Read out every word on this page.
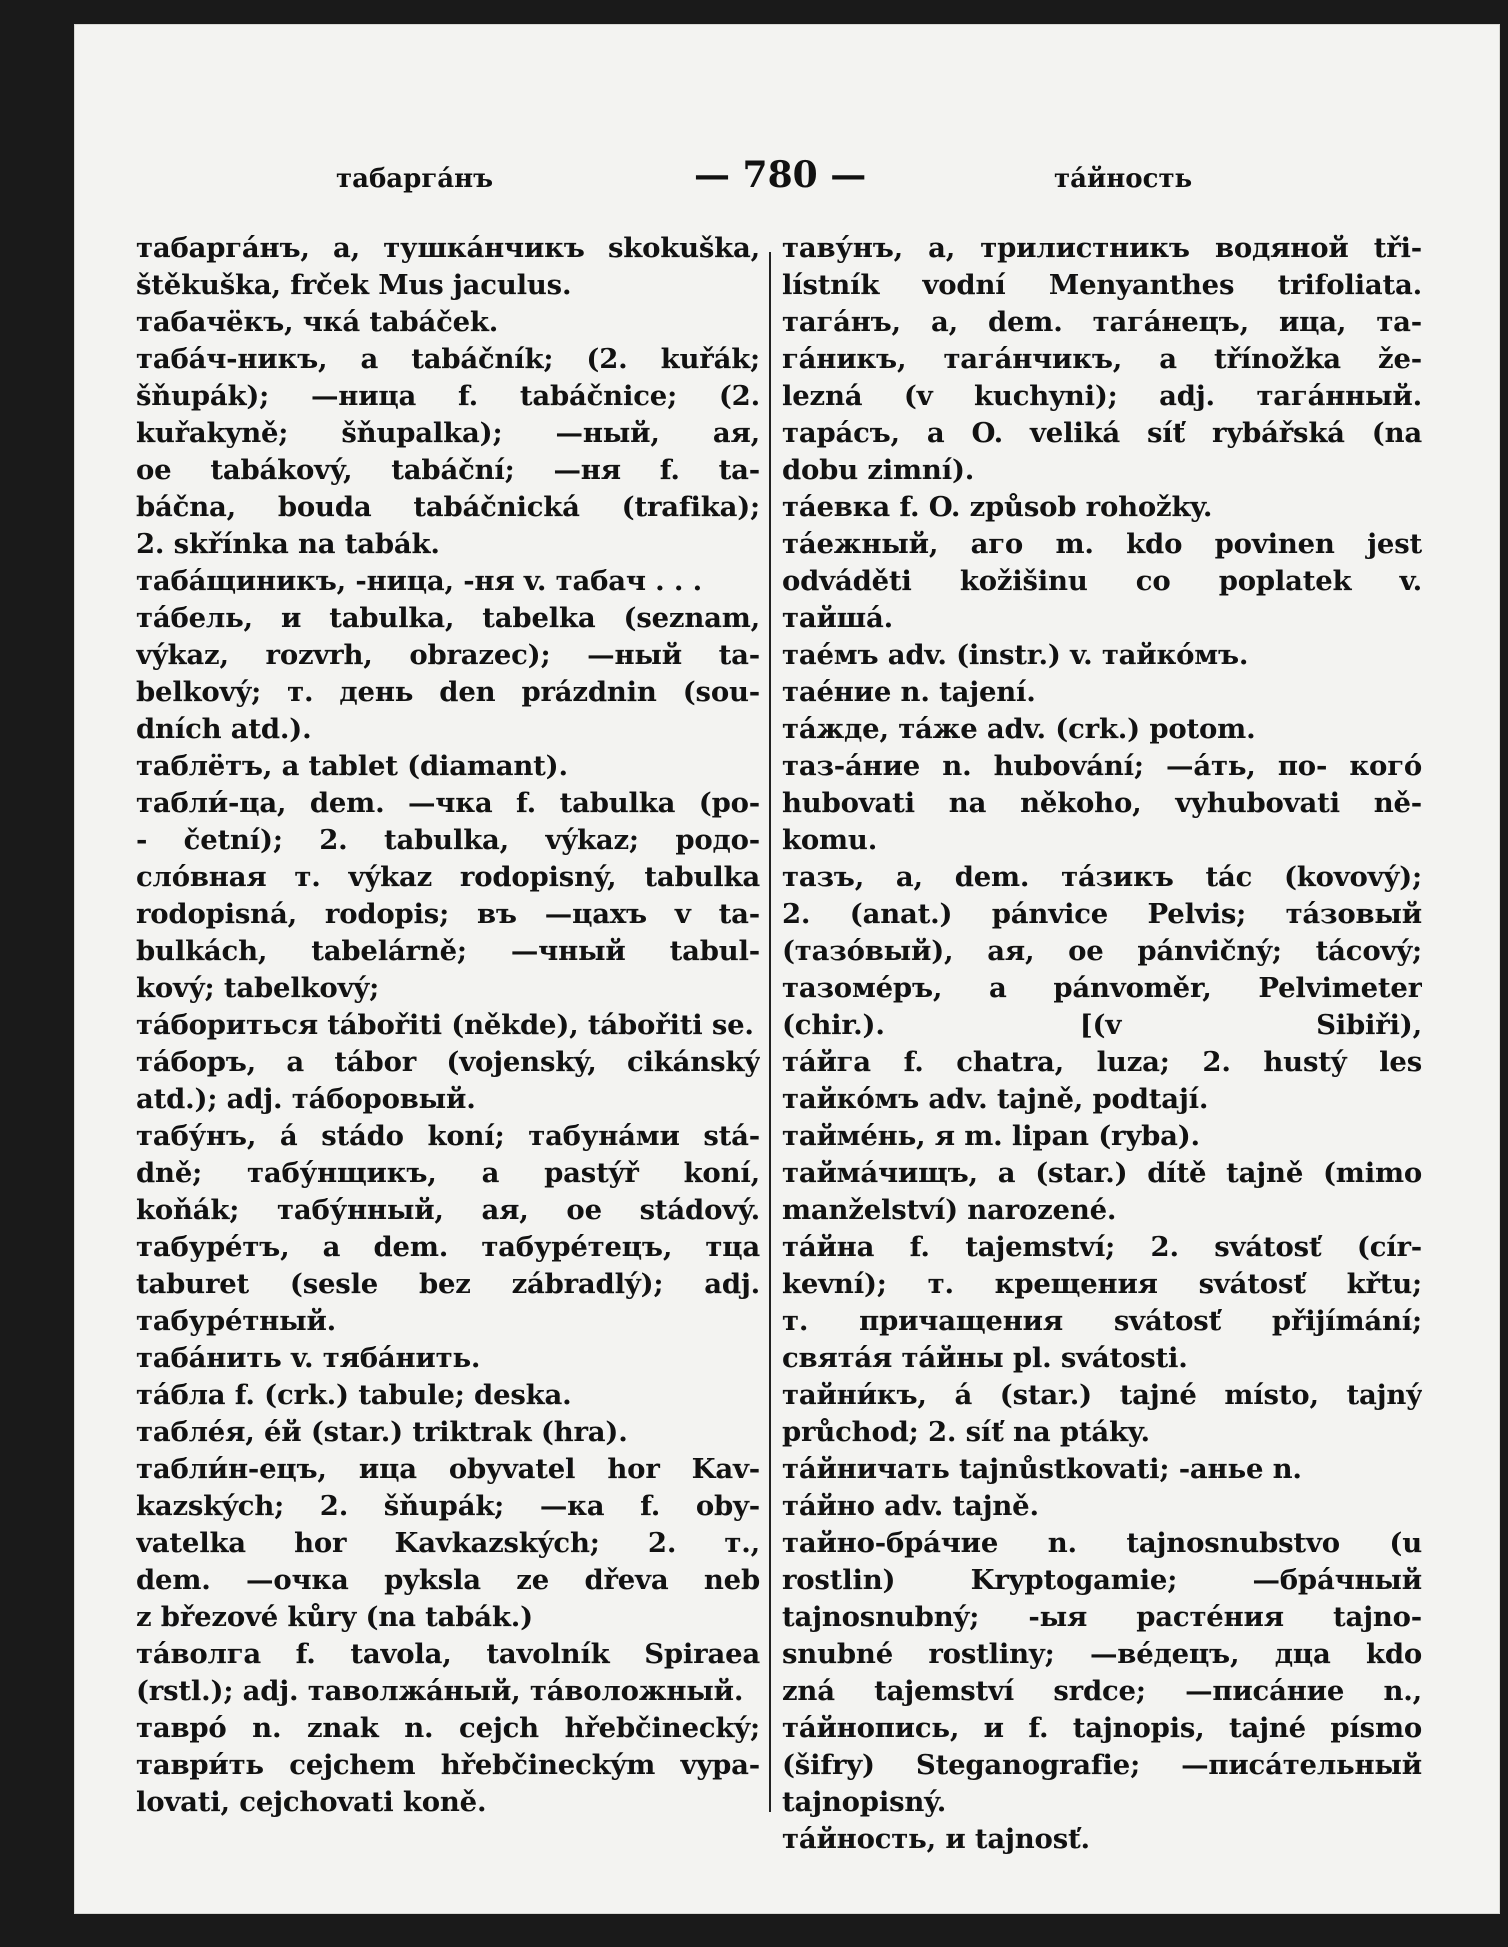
табарга́нъ	— 780 —	та́йность
табарга́нъ, а, тушка́нчикъ skokuška,
štěkuška, frček Mus jaculus.
табачёкъ, чка́ tabáček.
таба́ч-никъ, а tabáčník; (2. kuřák;
šňupák); —ница f. tabáčnice; (2.
kuřakyně; šňupalka); —ный, ая,
ое tabákový, tabáční; —ня f. ta-
báčna, bouda tabáčnická (trafika);
2. skřínka na tabák.
таба́щиникъ, -ница, -ня v. табач . . .
та́бель, и tabulka, tabelka (seznam,
výkaz, rozvrh, obrazec); —ный ta-
belkový; т. день den prázdnin (sou-
dních atd.).
таблётъ, а tablet (diamant).
табли́-ца, dem. —чка f. tabulka (po-
- četní); 2. tabulka, výkaz; родо-
сло́вная т. výkaz rodopisný, tabulka
rodopisná, rodopis; въ —цахъ v ta-
bulkách, tabelárně; —чный tabul-
kový; tabelkový;
та́бориться tábořiti (někde), tábořiti se.
та́боръ, а tábor (vojenský, cikánský
atd.); adj. та́боровый.
табу́нъ, á stádo koní; табуна́ми stá-
dně; табу́нщикъ, а pastýř koní,
koňák; табу́нный, ая, ое stádový.
табуре́тъ, а dem. табуре́тецъ, тца
taburet (sesle bez zábradlý); adj.
табуре́тный.
таба́нить v. тяба́нить.
та́бла f. (crk.) tabule; deska.
табле́я, е́й (star.) triktrak (hra).
табли́н-ецъ, ица obyvatel hor Kav-
kazských; 2. šňupák; —ка f. oby-
vatelka hor Kavkazských; 2. т.,
dem. —очка pyksla ze dřeva neb
z březové kůry (na tabák.)
та́волга f. tavola, tavolník Spiraea
(rstl.); adj. таволжа́ный, та́воложный.
тавро́ n. znak n. cejch hřebčinecký;
таври́ть cejchem hřebčineckým vypa-
lovati, cejchovati koně.
таву́нъ, а, трилистникъ водяной tři-
lístník vodní Menyanthes trifoliata.
тага́нъ, а, dem. тага́нецъ, ица, та-
га́никъ, тага́нчикъ, а třínožka že-
lezná (v kuchyni); adj. тага́нный.
тара́съ, а O. veliká síť rybářská (na
dobu zimní).
та́евка f. O. způsob rohožky.
та́ежный, аго m. kdo povinen jest
odváděti kožišinu co poplatek v.
тайша́.
тае́мъ adv. (instr.) v. тайко́мъ.
тае́ние n. tajení.
та́жде, та́же adv. (crk.) potom.
таз-а́ние n. hubování; —а́ть, по- кого́
hubovati na někoho, vyhubovati ně-
komu.
тазъ, а, dem. та́зикъ tác (kovový);
2. (anat.) pánvice Pelvis; та́зовый
(тазо́вый), ая, ое pánvičný; tácový;
тазоме́ръ, а pánvoměr, Pelvimeter
(chir.). [(v Sibiři),
та́йга f. chatra, luza; 2. hustý les
тайко́мъ adv. tajně, podtají.
тайме́нь, я m. lipan (ryba).
тайма́чищъ, а (star.) dítě tajně (mimo
manželství) narozené.
та́йна f. tajemství; 2. svátosť (cír-
kevní); т. крещения svátosť křtu;
т. причащения svátosť přijímání;
свята́я та́йны pl. svátosti.
тайни́къ, á (star.) tajné místo, tajný
průchod; 2. síť na ptáky.
та́йничать tajnůstkovati; -анье n.
та́йно adv. tajně.
тайно-бра́чие n. tajnosnubstvo (u
rostlin) Kryptogamie; —бра́чный
tajnosnubný; -ыя расте́ния tajno-
snubné rostliny; —ве́децъ, дца kdo
zná tajemství srdce; —писа́ние n.,
та́йнопись, и f. tajnopis, tajné písmo
(šifry) Steganografie; —писа́тельный
tajnopisný.
та́йность, и tajnosť.
